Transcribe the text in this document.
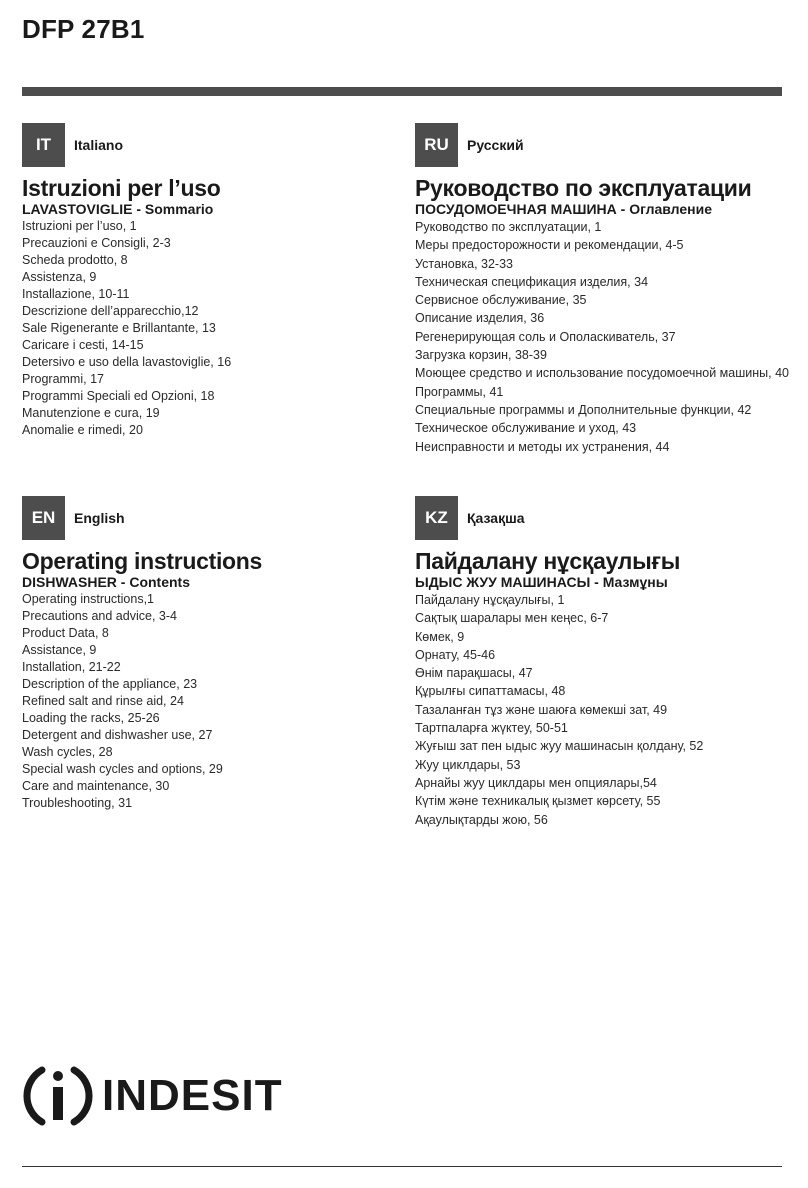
DFP 27B1
IT	Italiano
Istruzioni per l’uso
LAVASTOVIGLIE - Sommario
Istruzioni per l’uso, 1
Precauzioni e Consigli, 2-3
Scheda prodotto, 8
Assistenza, 9
Installazione, 10-11
Descrizione dell’apparecchio,12
Sale Rigenerante e Brillantante, 13
Caricare i cesti, 14-15
Detersivo e uso della lavastoviglie, 16
Programmi, 17
Programmi Speciali ed Opzioni, 18
Manutenzione e cura, 19
Anomalie e rimedi, 20
RU	Русский
Руководство по эксплуатации
ПОСУДОМОЕЧНАЯ МАШИНА - Оглавление
Руководство по эксплуатации, 1
Меры предосторожности и рекомендации, 4-5
Установка, 32-33
Техническая спецификация изделия, 34
Сервисное обслуживание, 35
Описание изделия, 36
Регенерирующая соль и Ополаскиватель, 37
Загрузка корзин, 38-39
Моющее средство и использование посудомоечной машины, 40
Программы, 41
Специальные программы и Дополнительные функции, 42
Техническое обслуживание и уход, 43
Неисправности и методы их устранения, 44
EN	English
Operating instructions
DISHWASHER - Contents
Operating instructions,1
Precautions and advice, 3-4
Product Data, 8
Assistance, 9
Installation, 21-22
Description of the appliance, 23
Refined salt and rinse aid, 24
Loading the racks, 25-26
Detergent and dishwasher use, 27
Wash cycles, 28
Special wash cycles and options, 29
Care and maintenance, 30
Troubleshooting, 31
KZ	Қазақша
Пайдалану нұсқаулығы
ЫДЫС ЖУУ МАШИНАСЫ - Мазмұны
Пайдалану нұсқаулығы, 1
Сақтық шаралары мен кеңес, 6-7
Көмек, 9
Орнату, 45-46
Өнім парақшасы, 47
Құрылғы сипаттамасы, 48
Тазаланған тұз және шаюға көмекші зат, 49
Тартпаларға жүктеу, 50-51
Жуғыш зат пен ыдыс жуу машинасын қолдану, 52
Жуу циклдары, 53
Арнайы жуу циклдары мен опциялары,54
Күтім және техникалық қызмет көрсету, 55
Ақаулықтарды жою, 56
INDESIT
